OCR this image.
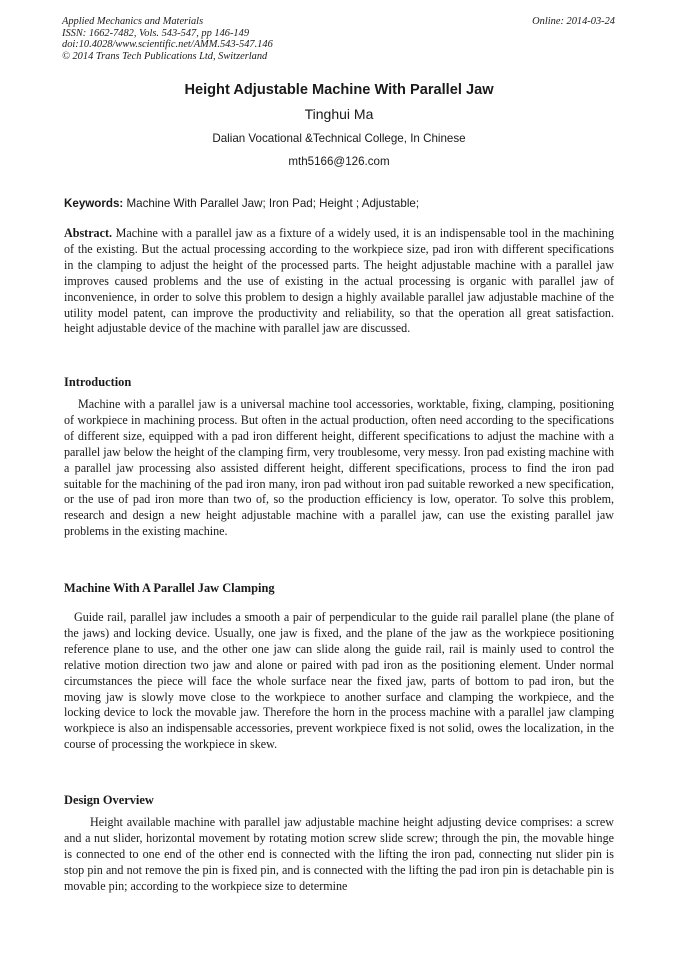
Applied Mechanics and Materials
ISSN: 1662-7482, Vols. 543-547, pp 146-149
doi:10.4028/www.scientific.net/AMM.543-547.146
© 2014 Trans Tech Publications Ltd, Switzerland
Online: 2014-03-24
Height Adjustable Machine With Parallel Jaw
Tinghui Ma
Dalian Vocational &Technical College, In Chinese
mth5166@126.com
Keywords: Machine With Parallel Jaw; Iron Pad; Height ; Adjustable;
Abstract. Machine with a parallel jaw as a fixture of a widely used, it is an indispensable tool in the machining of the existing. But the actual processing according to the workpiece size, pad iron with different specifications in the clamping to adjust the height of the processed parts. The height adjustable machine with a parallel jaw improves caused problems and the use of existing in the actual processing is organic with parallel jaw of inconvenience, in order to solve this problem to design a highly available parallel jaw adjustable machine of the utility model patent, can improve the productivity and reliability, so that the operation all great satisfaction. height adjustable device of the machine with parallel jaw are discussed.
Introduction
Machine with a parallel jaw is a universal machine tool accessories, worktable, fixing, clamping, positioning of workpiece in machining process. But often in the actual production, often need according to the specifications of different size, equipped with a pad iron different height, different specifications to adjust the machine with a parallel jaw below the height of the clamping firm, very troublesome, very messy. Iron pad existing machine with a parallel jaw processing also assisted different height, different specifications, process to find the iron pad suitable for the machining of the pad iron many, iron pad without iron pad suitable reworked a new specification, or the use of pad iron more than two of, so the production efficiency is low, operator. To solve this problem, research and design a new height adjustable machine with a parallel jaw, can use the existing parallel jaw problems in the existing machine.
Machine With A Parallel Jaw Clamping
Guide rail, parallel jaw includes a smooth a pair of perpendicular to the guide rail parallel plane (the plane of the jaws) and locking device. Usually, one jaw is fixed, and the plane of the jaw as the workpiece positioning reference plane to use, and the other one jaw can slide along the guide rail, rail is mainly used to control the relative motion direction two jaw and alone or paired with pad iron as the positioning element. Under normal circumstances the piece will face the whole surface near the fixed jaw, parts of bottom to pad iron, but the moving jaw is slowly move close to the workpiece to another surface and clamping the workpiece, and the locking device to lock the movable jaw. Therefore the horn in the process machine with a parallel jaw clamping workpiece is also an indispensable accessories, prevent workpiece fixed is not solid, owes the localization, in the course of processing the workpiece in skew.
Design Overview
Height available machine with parallel jaw adjustable machine height adjusting device comprises: a screw and a nut slider, horizontal movement by rotating motion screw slide screw; through the pin, the movable hinge is connected to one end of the other end is connected with the lifting the iron pad, connecting nut slider pin is stop pin and not remove the pin is fixed pin, and is connected with the lifting the pad iron pin is detachable pin is movable pin; according to the workpiece size to determine
